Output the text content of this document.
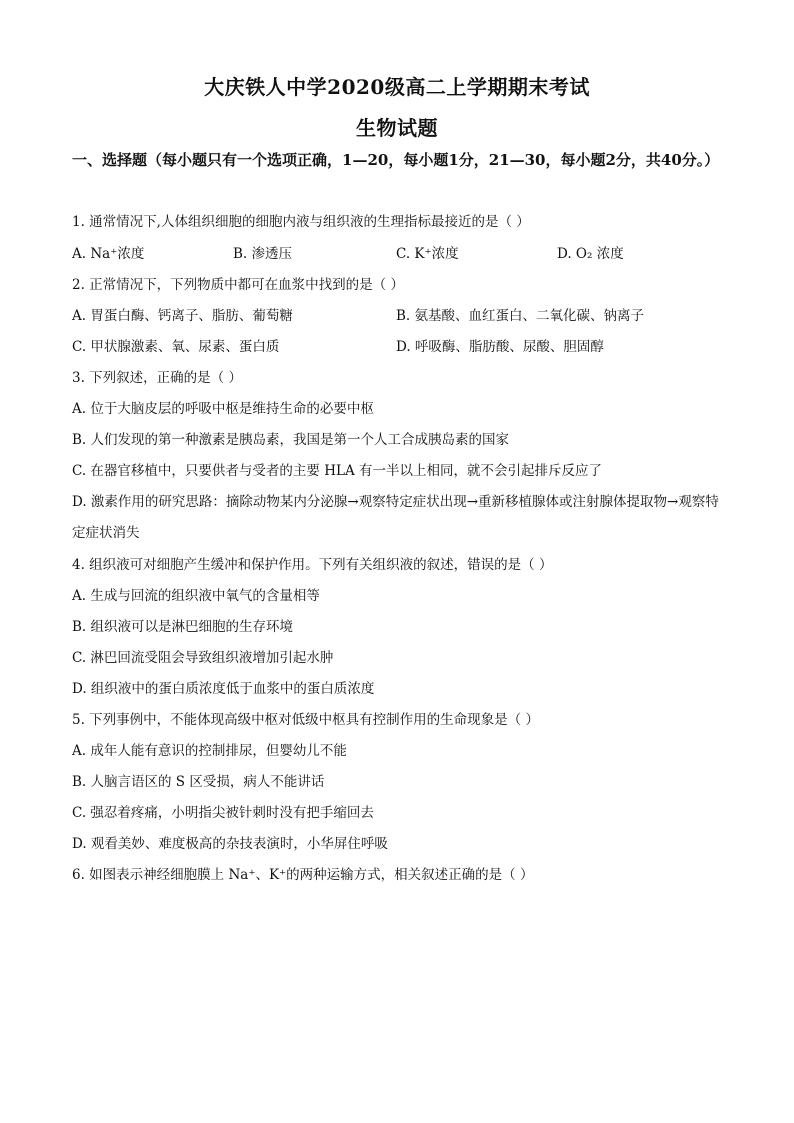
大庆铁人中学2020级高二上学期期末考试
生物试题
一、选择题（每小题只有一个选项正确，1—20，每小题1分，21—30，每小题2分，共40分。）
1. 通常情况下,人体组织细胞的细胞内液与组织液的生理指标最接近的是（ ）
A. Na⁺浓度	B. 渗透压	C. K⁺浓度	D. O₂ 浓度
2. 正常情况下，下列物质中都可在血浆中找到的是（ ）
A. 胃蛋白酶、钙离子、脂肪、葡萄糖	B. 氨基酸、血红蛋白、二氧化碳、钠离子
C. 甲状腺激素、氧、尿素、蛋白质	D. 呼吸酶、脂肪酸、尿酸、胆固醇
3. 下列叙述，正确的是（ ）
A. 位于大脑皮层的呼吸中枢是维持生命的必要中枢
B. 人们发现的第一种激素是胰岛素，我国是第一个人工合成胰岛素的国家
C. 在器官移植中，只要供者与受者的主要 HLA 有一半以上相同，就不会引起排斥反应了
D. 激素作用的研究思路：摘除动物某内分泌腺→观察特定症状出现→重新移植腺体或注射腺体提取物→观察特定症状消失
4. 组织液可对细胞产生缓冲和保护作用。下列有关组织液的叙述，错误的是（ ）
A. 生成与回流的组织液中氧气的含量相等
B. 组织液可以是淋巴细胞的生存环境
C. 淋巴回流受阻会导致组织液增加引起水肿
D. 组织液中的蛋白质浓度低于血浆中的蛋白质浓度
5. 下列事例中，不能体现高级中枢对低级中枢具有控制作用的生命现象是（ ）
A. 成年人能有意识的控制排尿，但婴幼儿不能
B. 人脑言语区的 S 区受损，病人不能讲话
C. 强忍着疼痛，小明指尖被针刺时没有把手缩回去
D. 观看美妙、难度极高的杂技表演时，小华屏住呼吸
6. 如图表示神经细胞膜上 Na⁺、K⁺的两种运输方式，相关叙述正确的是（ ）
